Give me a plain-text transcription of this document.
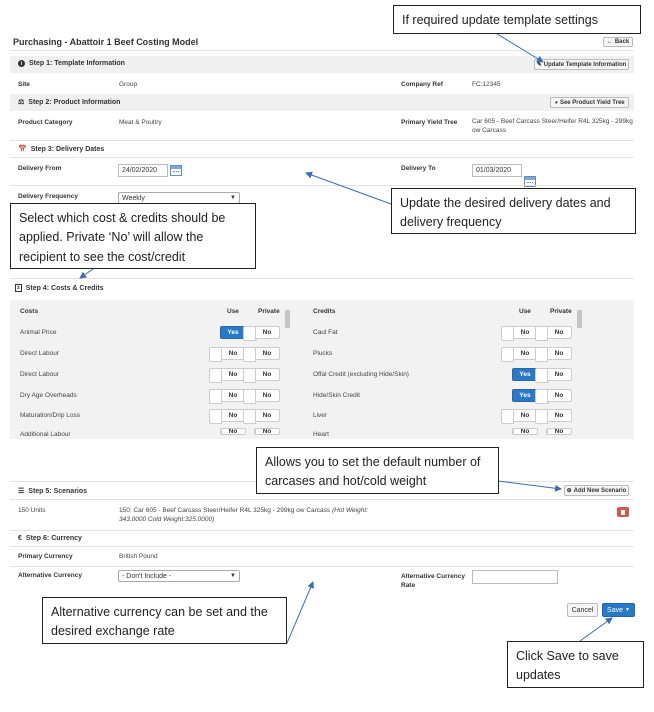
Purchasing - Abattoir 1 Beef Costing Model	← Back
i Step 1: Template Information	✎ Update Template Information
Site	Group	Company Ref	FC:12345
⚖ Step 2: Product Information	◕ See Product Yield Tree
Product Category	Meat & Poultry	Primary Yield Tree Car 605 - Beef Carcass Steer/Heifer R4L 325kg - 299kg ow Carcass
📅 Step 3: Delivery Dates
Delivery From	24/02/2020	Delivery To	01/03/2020
Delivery Frequency	Weekly	▼
± Step 4: Costs & Credits
Costs	Use	Private	Credits	Use	Private
Animal Price	Yes	No
Direct Labour	No	No
Direct Labour	No	No
Dry Age Overheads	No	No
Maturation/Drip Loss	No	No
Additional Labour	No	No
Caul Fat	No	No
Plucks	No	No
Offal Credit (excluding Hide/Skin)	Yes	No
Hide/Skin Credit	Yes	No
Liver	No	No
Heart	No	No
☰ Step 5: Scenarios	⊕ Add New Scenario
150 Units	150: Car 605 - Beef Carcass Steer/Heifer R4L 325kg - 299kg ow Carcass (Hot Weight: 343.0000 Cold Weight:325.0000)
€ Step 6: Currency
Primary Currency	British Pound
Alternative Currency	- Don't Include -	▼	Alternative Currency Rate
Cancel	Save ▼
If required update template settings
Update the desired delivery dates and delivery frequency
Select which cost & credits should be applied. Private ‘No’ will allow the recipient to see the cost/credit
Allows you to set the default number of carcases and hot/cold weight
Alternative currency can be set and the desired exchange rate
Click Save to save updates
